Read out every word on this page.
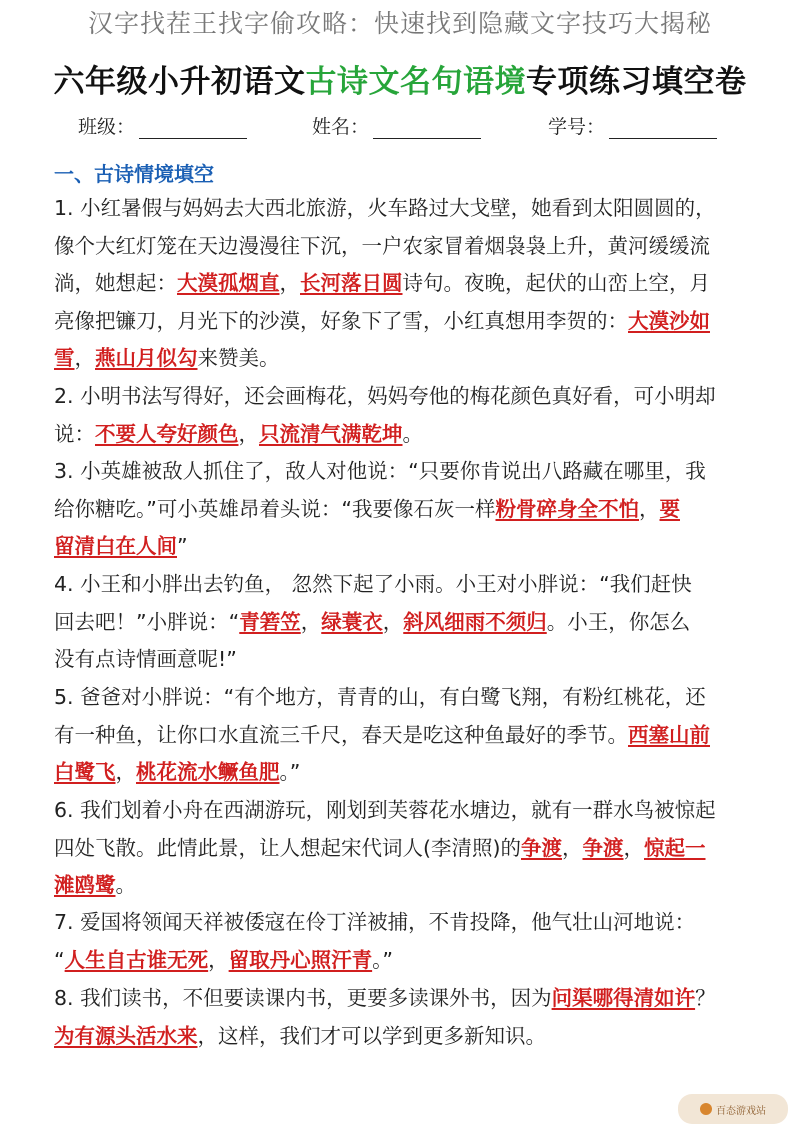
汉字找茬王找字偷攻略：快速找到隐藏文字技巧大揭秘
六年级小升初语文古诗文名句语境专项练习填空卷
班级：	姓名：	学号：
一、古诗情境填空
1. 小红暑假与妈妈去大西北旅游，火车路过大戈壁，她看到太阳圆圆的，
像个大红灯笼在天边漫漫往下沉，一户农家冒着烟袅袅上升，黄河缓缓流
淌，她想起：大漠孤烟直，长河落日圆诗句。夜晚，起伏的山峦上空，月
亮像把镰刀，月光下的沙漠，好象下了雪，小红真想用李贺的：大漠沙如
雪，燕山月似勾来赞美。
2. 小明书法写得好，还会画梅花，妈妈夸他的梅花颜色真好看，可小明却
说：不要人夸好颜色，只流清气满乾坤。
3. 小英雄被敌人抓住了，敌人对他说：“只要你肯说出八路藏在哪里，我
给你糖吃。”可小英雄昂着头说：“我要像石灰一样粉骨碎身全不怕，要
留清白在人间”
4. 小王和小胖出去钓鱼， 忽然下起了小雨。小王对小胖说：“我们赶快
回去吧！”小胖说：“青箬笠，绿蓑衣，斜风细雨不须归。小王，你怎么
没有点诗情画意呢!”
5. 爸爸对小胖说：“有个地方，青青的山，有白鹭飞翔，有粉红桃花，还
有一种鱼，让你口水直流三千尺，春天是吃这种鱼最好的季节。西塞山前
白鹭飞，桃花流水鳜鱼肥。”
6. 我们划着小舟在西湖游玩，刚划到芙蓉花水塘边，就有一群水鸟被惊起
四处飞散。此情此景，让人想起宋代词人(李清照)的争渡，争渡，惊起一
滩鸥鹭。
7. 爱国将领闻天祥被倭寇在伶丁洋被捕，不肯投降，他气壮山河地说：
“人生自古谁无死，留取丹心照汗青。”
8. 我们读书，不但要读课内书，更要多读课外书，因为问渠哪得清如许？
为有源头活水来，这样，我们才可以学到更多新知识。
百态游戏站
